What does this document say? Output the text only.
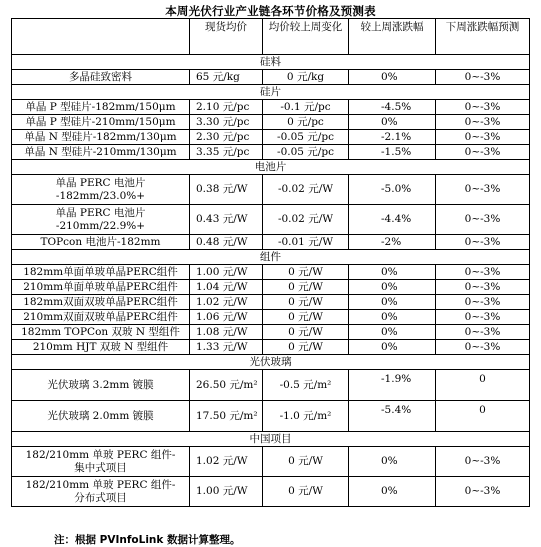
本周光伏行业产业链各环节价格及预测表
	现货均价	均价较上周变化	较上周涨跌幅	下周涨跌幅预测
硅料				
多晶硅致密料	65 元/kg	0 元/kg	0%	0~-3%
硅片				
单晶 P 型硅片-182mm/150μm	2.10 元/pc	-0.1 元/pc	-4.5%	0~-3%
单晶 P 型硅片-210mm/150μm	3.30 元/pc	0 元/pc	0%	0~-3%
单晶 N 型硅片-182mm/130μm	2.30 元/pc	-0.05 元/pc	-2.1%	0~-3%
单晶 N 型硅片-210mm/130μm	3.35 元/pc	-0.05 元/pc	-1.5%	0~-3%
电池片				
单晶 PERC 电池片
-182mm/23.0%+	0.38 元/W	-0.02 元/W	-5.0%	0~-3%
单晶 PERC 电池片
-210mm/22.9%+	0.43 元/W	-0.02 元/W	-4.4%	0~-3%
TOPcon 电池片-182mm	0.48 元/W	-0.01 元/W	-2%	0~-3%
组件				
182mm单面单玻单晶PERC组件	1.00 元/W	0 元/W	0%	0~-3%
210mm单面单玻单晶PERC组件	1.04 元/W	0 元/W	0%	0~-3%
182mm双面双玻单晶PERC组件	1.02 元/W	0 元/W	0%	0~-3%
210mm双面双玻单晶PERC组件	1.06 元/W	0 元/W	0%	0~-3%
182mm TOPCon 双玻 N 型组件	1.08 元/W	0 元/W	0%	0~-3%
210mm HJT 双玻 N 型组件	1.33 元/W	0 元/W	0%	0~-3%
光伏玻璃				
光伏玻璃 3.2mm 镀膜	26.50 元/m²	-0.5 元/m²	-1.9%	0
光伏玻璃 2.0mm 镀膜	17.50 元/m²	-1.0 元/m²	-5.4%	0
中国项目				
182/210mm 单玻 PERC 组件-
集中式项目	1.02 元/W	0 元/W	0%	0~-3%
182/210mm 单玻 PERC 组件-
分布式项目	1.00 元/W	0 元/W	0%	0~-3%
注：根据 PVInfoLink 数据计算整理。
